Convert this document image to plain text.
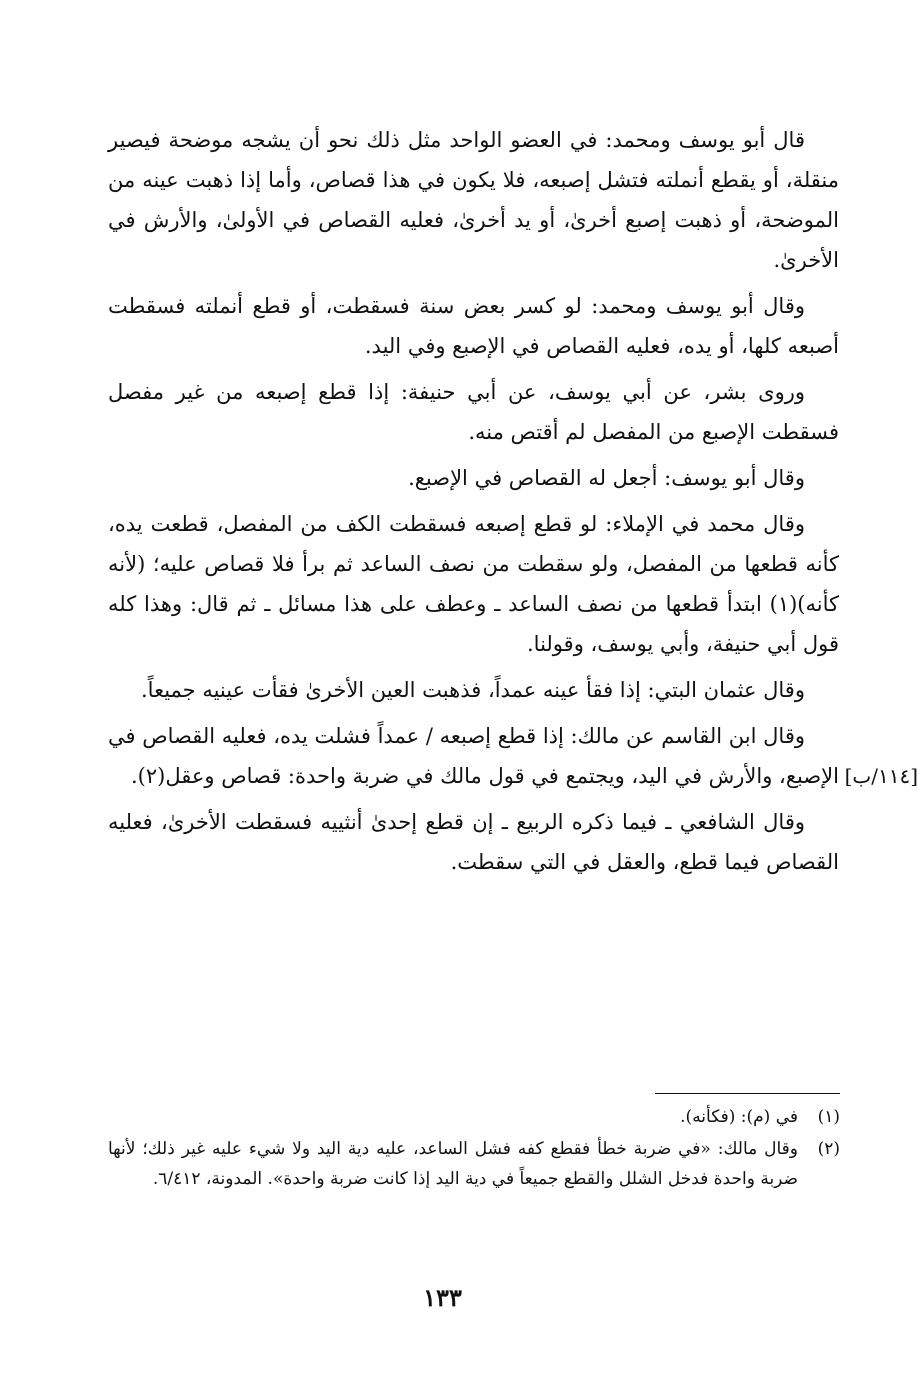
قال أبو يوسف ومحمد: في العضو الواحد مثل ذلك نحو أن يشجه موضحة فيصير منقلة، أو يقطع أنملته فتشل إصبعه، فلا يكون في هذا قصاص، وأما إذا ذهبت عينه من الموضحة، أو ذهبت إصبع أخرىٰ، أو يد أخرىٰ، فعليه القصاص في الأولىٰ، والأرش في الأخرىٰ.

وقال أبو يوسف ومحمد: لو كسر بعض سنة فسقطت، أو قطع أنملته فسقطت أصبعه كلها، أو يده، فعليه القصاص في الإصبع وفي اليد.

وروى بشر، عن أبي يوسف، عن أبي حنيفة: إذا قطع إصبعه من غير مفصل فسقطت الإصبع من المفصل لم أقتص منه.

وقال أبو يوسف: أجعل له القصاص في الإصبع.

وقال محمد في الإملاء: لو قطع إصبعه فسقطت الكف من المفصل، قطعت يده، كأنه قطعها من المفصل، ولو سقطت من نصف الساعد ثم برأ فلا قصاص عليه؛ (لأنه كأنه)(١) ابتدأ قطعها من نصف الساعد ـ وعطف على هذا مسائل ـ ثم قال: وهذا كله قول أبي حنيفة، وأبي يوسف، وقولنا.

وقال عثمان البتي: إذا فقأ عينه عمداً، فذهبت العين الأخرىٰ فقأت عينيه جميعاً.

[١١٤/ب]

وقال ابن القاسم عن مالك: إذا قطع إصبعه / عمداً فشلت يده، فعليه القصاص في الإصبع، والأرش في اليد، ويجتمع في قول مالك في ضربة واحدة: قصاص وعقل(٢).

وقال الشافعي ـ فيما ذكره الربيع ـ إن قطع إحدىٰ أنثييه فسقطت الأخرىٰ، فعليه القصاص فيما قطع، والعقل في التي سقطت.

(١)
في (م): (فكأنه).
(٢)
وقال مالك: «في ضربة خطأ فقطع كفه فشل الساعد، عليه دية اليد ولا شيء عليه غير ذلك؛ لأنها ضربة واحدة فدخل الشلل والقطع جميعاً في دية اليد إذا كانت ضربة واحدة». المدونة، ٦/٤١٢.
١٣٣
